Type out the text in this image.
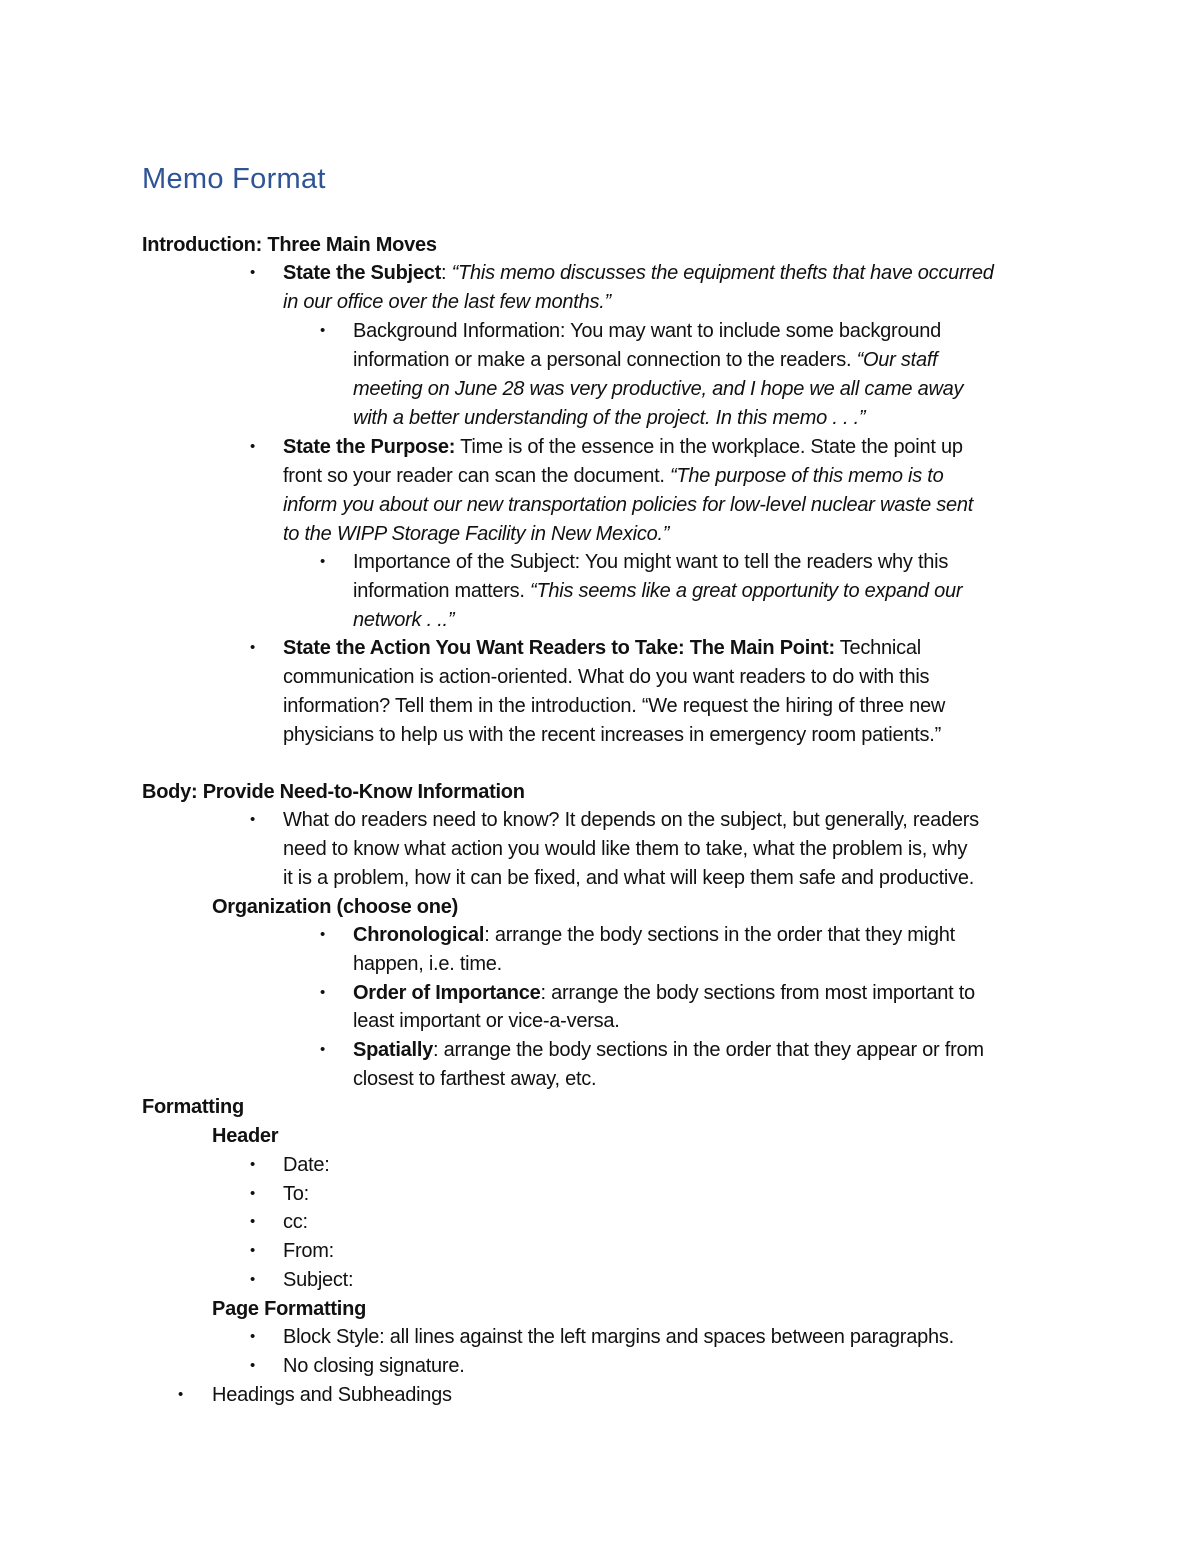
Memo Format
Introduction: Three Main Moves
• State the Subject: “This memo discusses the equipment thefts that have occurred
in our office over the last few months.”
• Background Information: You may want to include some background
information or make a personal connection to the readers. “Our staff
meeting on June 28 was very productive, and I hope we all came away
with a better understanding of the project. In this memo . . .”
• State the Purpose: Time is of the essence in the workplace. State the point up
front so your reader can scan the document. “The purpose of this memo is to
inform you about our new transportation policies for low-level nuclear waste sent
to the WIPP Storage Facility in New Mexico.”
• Importance of the Subject: You might want to tell the readers why this
information matters. “This seems like a great opportunity to expand our
network . ..”
• State the Action You Want Readers to Take: The Main Point: Technical
communication is action-oriented. What do you want readers to do with this
information? Tell them in the introduction. “We request the hiring of three new
physicians to help us with the recent increases in emergency room patients.”
Body: Provide Need-to-Know Information
• What do readers need to know? It depends on the subject, but generally, readers
need to know what action you would like them to take, what the problem is, why
it is a problem, how it can be fixed, and what will keep them safe and productive.
Organization (choose one)
• Chronological: arrange the body sections in the order that they might
happen, i.e. time.
• Order of Importance: arrange the body sections from most important to
least important or vice-a-versa.
• Spatially: arrange the body sections in the order that they appear or from
closest to farthest away, etc.
Formatting
Header
• Date:
• To:
• cc:
• From:
• Subject:
Page Formatting
• Block Style: all lines against the left margins and spaces between paragraphs.
• No closing signature.
• Headings and Subheadings
